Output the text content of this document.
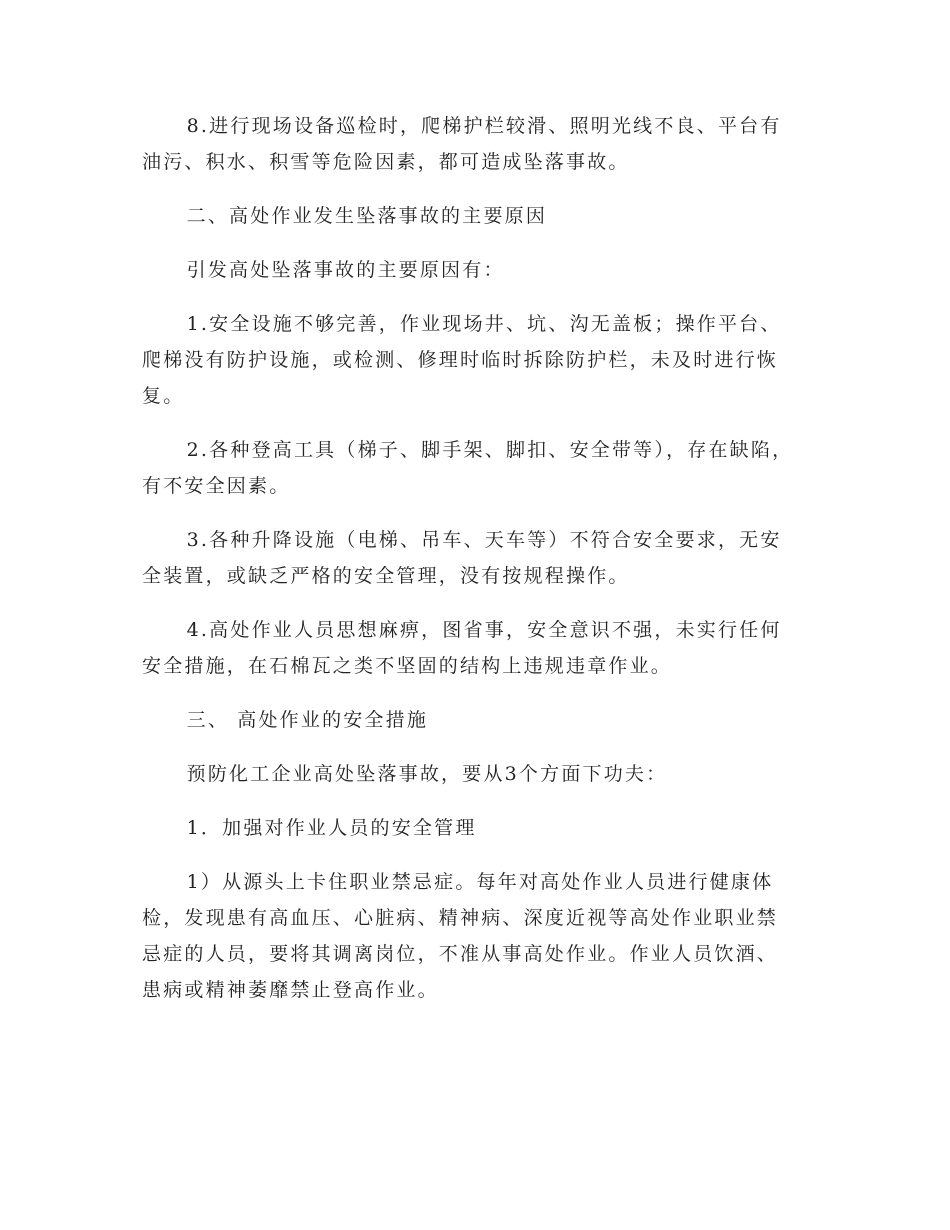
8.进行现场设备巡检时，爬梯护栏较滑、照明光线不良、平台有油污、积水、积雪等危险因素，都可造成坠落事故。

二、高处作业发生坠落事故的主要原因

引发高处坠落事故的主要原因有：

1.安全设施不够完善，作业现场井、坑、沟无盖板；操作平台、爬梯没有防护设施，或检测、修理时临时拆除防护栏，未及时进行恢复。

2.各种登高工具（梯子、脚手架、脚扣、安全带等），存在缺陷，有不安全因素。

3.各种升降设施（电梯、吊车、天车等）不符合安全要求，无安全装置，或缺乏严格的安全管理，没有按规程操作。

4.高处作业人员思想麻痹，图省事，安全意识不强，未实行任何安全措施，在石棉瓦之类不坚固的结构上违规违章作业。

三、 高处作业的安全措施

预防化工企业高处坠落事故，要从3个方面下功夫：

1．加强对作业人员的安全管理

1）从源头上卡住职业禁忌症。每年对高处作业人员进行健康体检，发现患有高血压、心脏病、精神病、深度近视等高处作业职业禁忌症的人员，要将其调离岗位，不准从事高处作业。作业人员饮酒、患病或精神萎靡禁止登高作业。
